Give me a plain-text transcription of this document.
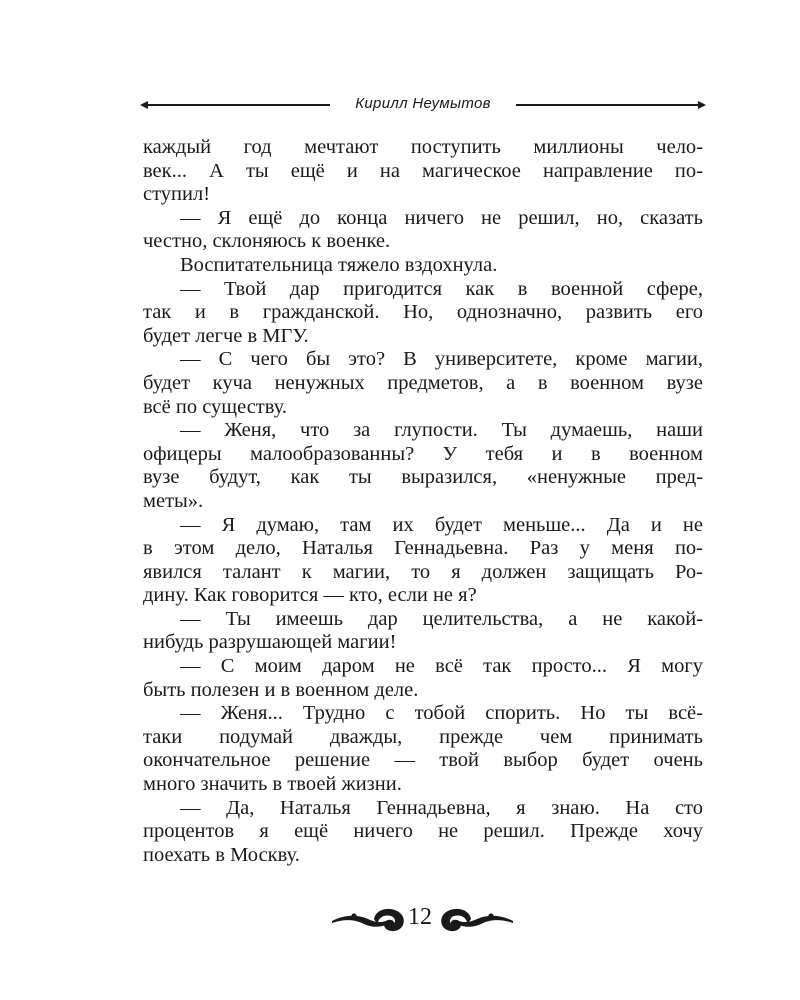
Кирилл Неумытов
каждый год мечтают поступить миллионы чело-
век... А ты ещё и на магическое направление по-
ступил!
— Я ещё до конца ничего не решил, но, сказать
честно, склоняюсь к военке.
Воспитательница тяжело вздохнула.
— Твой дар пригодится как в военной сфере,
так и в гражданской. Но, однозначно, развить его
будет легче в МГУ.
— С чего бы это? В университете, кроме магии,
будет куча ненужных предметов, а в военном вузе
всё по существу.
— Женя, что за глупости. Ты думаешь, наши
офицеры малообразованны? У тебя и в военном
вузе будут, как ты выразился, «ненужные пред-
меты».
— Я думаю, там их будет меньше... Да и не
в этом дело, Наталья Геннадьевна. Раз у меня по-
явился талант к магии, то я должен защищать Ро-
дину. Как говорится — кто, если не я?
— Ты имеешь дар целительства, а не какой-
нибудь разрушающей магии!
— С моим даром не всё так просто... Я могу
быть полезен и в военном деле.
— Женя... Трудно с тобой спорить. Но ты всё-
таки подумай дважды, прежде чем принимать
окончательное решение — твой выбор будет очень
много значить в твоей жизни.
— Да, Наталья Геннадьевна, я знаю. На сто
процентов я ещё ничего не решил. Прежде хочу
поехать в Москву.
12
